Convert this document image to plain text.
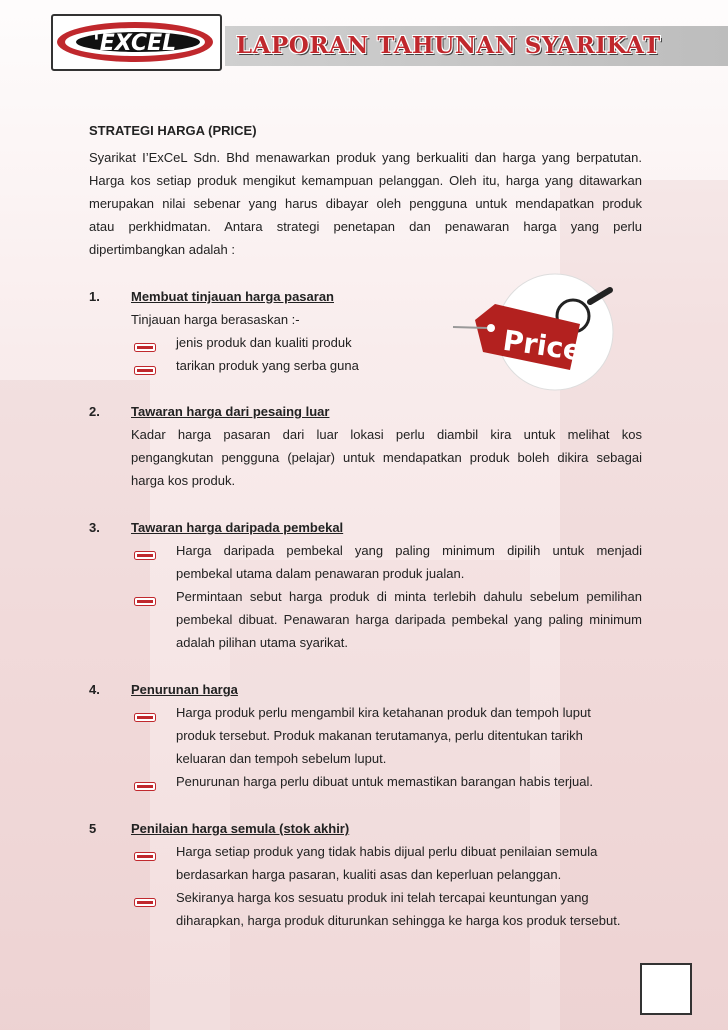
LAPORAN TAHUNAN SYARIKAT
'EXCEL
STRATEGI HARGA (PRICE)
Syarikat I’ExCeL Sdn. Bhd menawarkan produk yang berkualiti dan harga yang berpatutan.
Harga kos setiap produk mengikut kemampuan pelanggan. Oleh itu, harga yang ditawarkan
merupakan nilai sebenar yang harus dibayar oleh pengguna untuk mendapatkan produk
atau perkhidmatan. Antara strategi penetapan dan penawaran harga yang perlu
dipertimbangkan adalah :
Price
1. Membuat tinjauan harga pasaran
Tinjauan harga berasaskan :-
jenis produk dan kualiti produk
tarikan produk yang serba guna
2. Tawaran harga dari pesaing luar
Kadar harga pasaran dari luar lokasi perlu diambil kira untuk melihat kos
pengangkutan pengguna (pelajar) untuk mendapatkan produk boleh dikira sebagai
harga kos produk.
3. Tawaran harga daripada pembekal
Harga daripada pembekal yang paling minimum dipilih untuk menjadi
pembekal utama dalam penawaran produk jualan.
Permintaan sebut harga produk di minta terlebih dahulu sebelum pemilihan
pembekal dibuat. Penawaran harga daripada pembekal yang paling minimum
adalah pilihan utama syarikat.
4. Penurunan harga
Harga produk perlu mengambil kira ketahanan produk dan tempoh luput
produk tersebut. Produk makanan terutamanya, perlu ditentukan tarikh
keluaran dan tempoh sebelum luput.
Penurunan harga perlu dibuat untuk memastikan barangan habis terjual.
5	Penilaian harga semula (stok akhir)
Harga setiap produk yang tidak habis dijual perlu dibuat penilaian semula
berdasarkan harga pasaran, kualiti asas dan keperluan pelanggan.
Sekiranya harga kos sesuatu produk ini telah tercapai keuntungan yang
diharapkan, harga produk diturunkan sehingga ke harga kos produk tersebut.
